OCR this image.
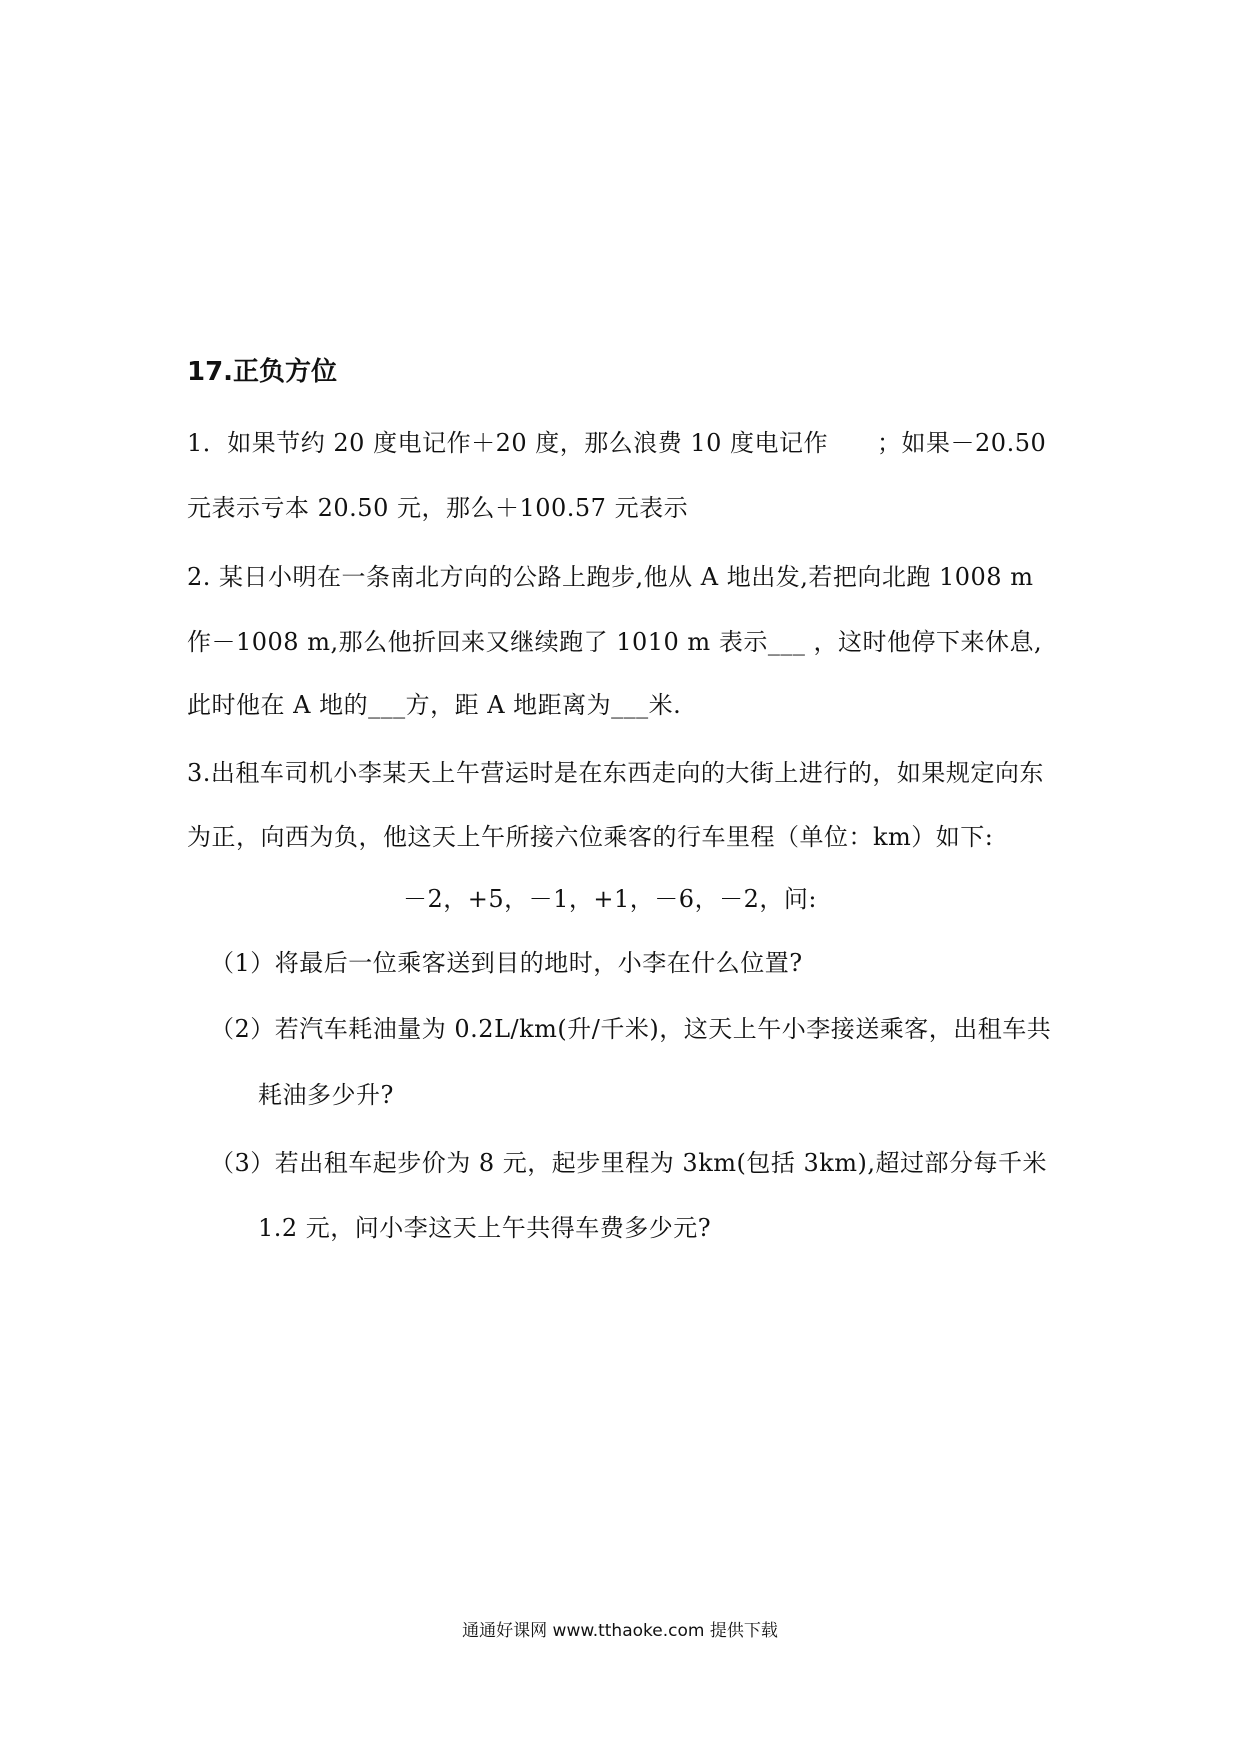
17.正负方位
1．如果节约 20 度电记作＋20 度，那么浪费 10 度电记作　　；如果－20.50
元表示亏本 20.50 元，那么＋100.57 元表示
2. 某日小明在一条南北方向的公路上跑步,他从 A 地出发,若把向北跑 1008 m
作－1008 m,那么他折回来又继续跑了 1010 m 表示___ ，这时他停下来休息,
此时他在 A 地的___方，距 A 地距离为___米.
3.出租车司机小李某天上午营运时是在东西走向的大街上进行的，如果规定向东
为正，向西为负，他这天上午所接六位乘客的行车里程（单位：km）如下:
－2，+5，－1，+1，－6，－2，问:
（1）将最后一位乘客送到目的地时，小李在什么位置?
（2）若汽车耗油量为 0.2L/km(升/千米)，这天上午小李接送乘客，出租车共
耗油多少升?
（3）若出租车起步价为 8 元，起步里程为 3km(包括 3km),超过部分每千米
1.2 元，问小李这天上午共得车费多少元?
通通好课网 www.tthaoke.com 提供下载
